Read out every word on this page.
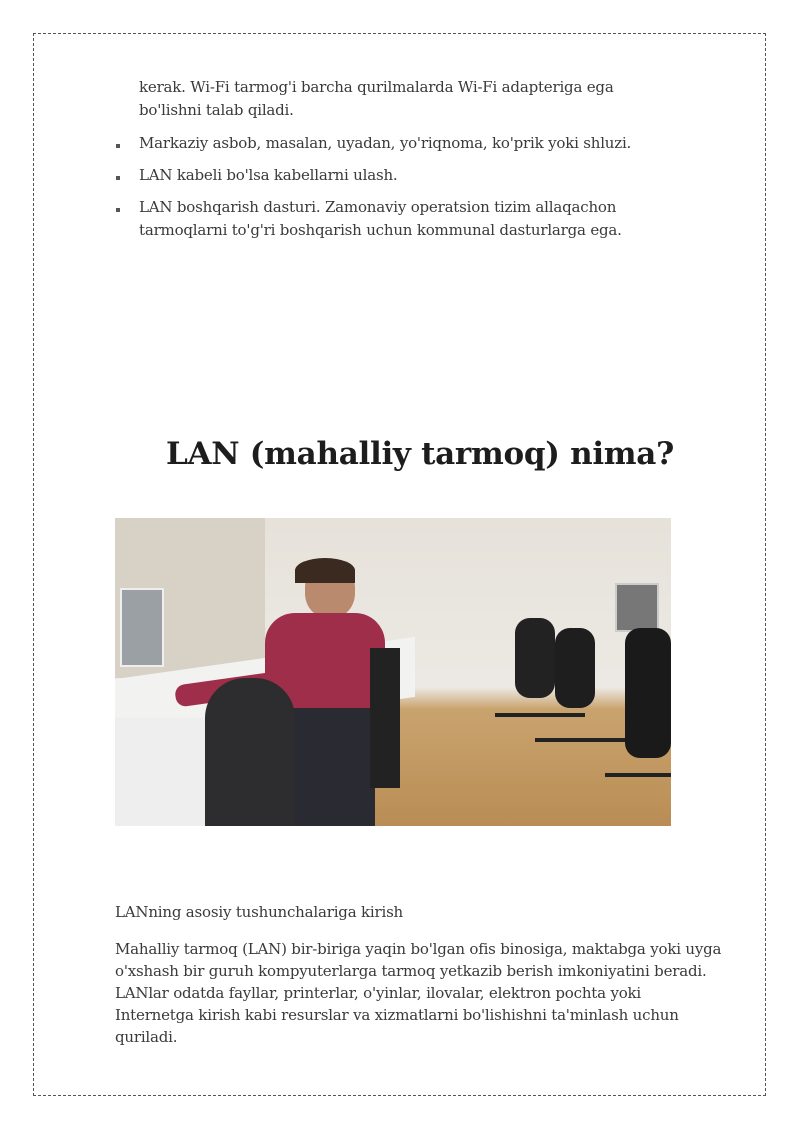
kerak. Wi-Fi tarmog'i barcha qurilmalarda Wi-Fi adapteriga ega
bo'lishni talab qiladi.
Markaziy asbob, masalan, uyadan, yo'riqnoma, ko'prik yoki shluzi.
LAN kabeli bo'lsa kabellarni ulash.
LAN boshqarish dasturi. Zamonaviy operatsion tizim allaqachon
tarmoqlarni to'g'ri boshqarish uchun kommunal dasturlarga ega.
LAN (mahalliy tarmoq) nima?
LANning asosiy tushunchalariga kirish
Mahalliy tarmoq (LAN) bir-biriga yaqin bo'lgan ofis binosiga, maktabga yoki uyga
o'xshash bir guruh kompyuterlarga tarmoq yetkazib berish imkoniyatini beradi.
LANlar odatda fayllar, printerlar, o'yinlar, ilovalar, elektron pochta yoki
Internetga kirish kabi resurslar va xizmatlarni bo'lishishni ta'minlash uchun
quriladi.
